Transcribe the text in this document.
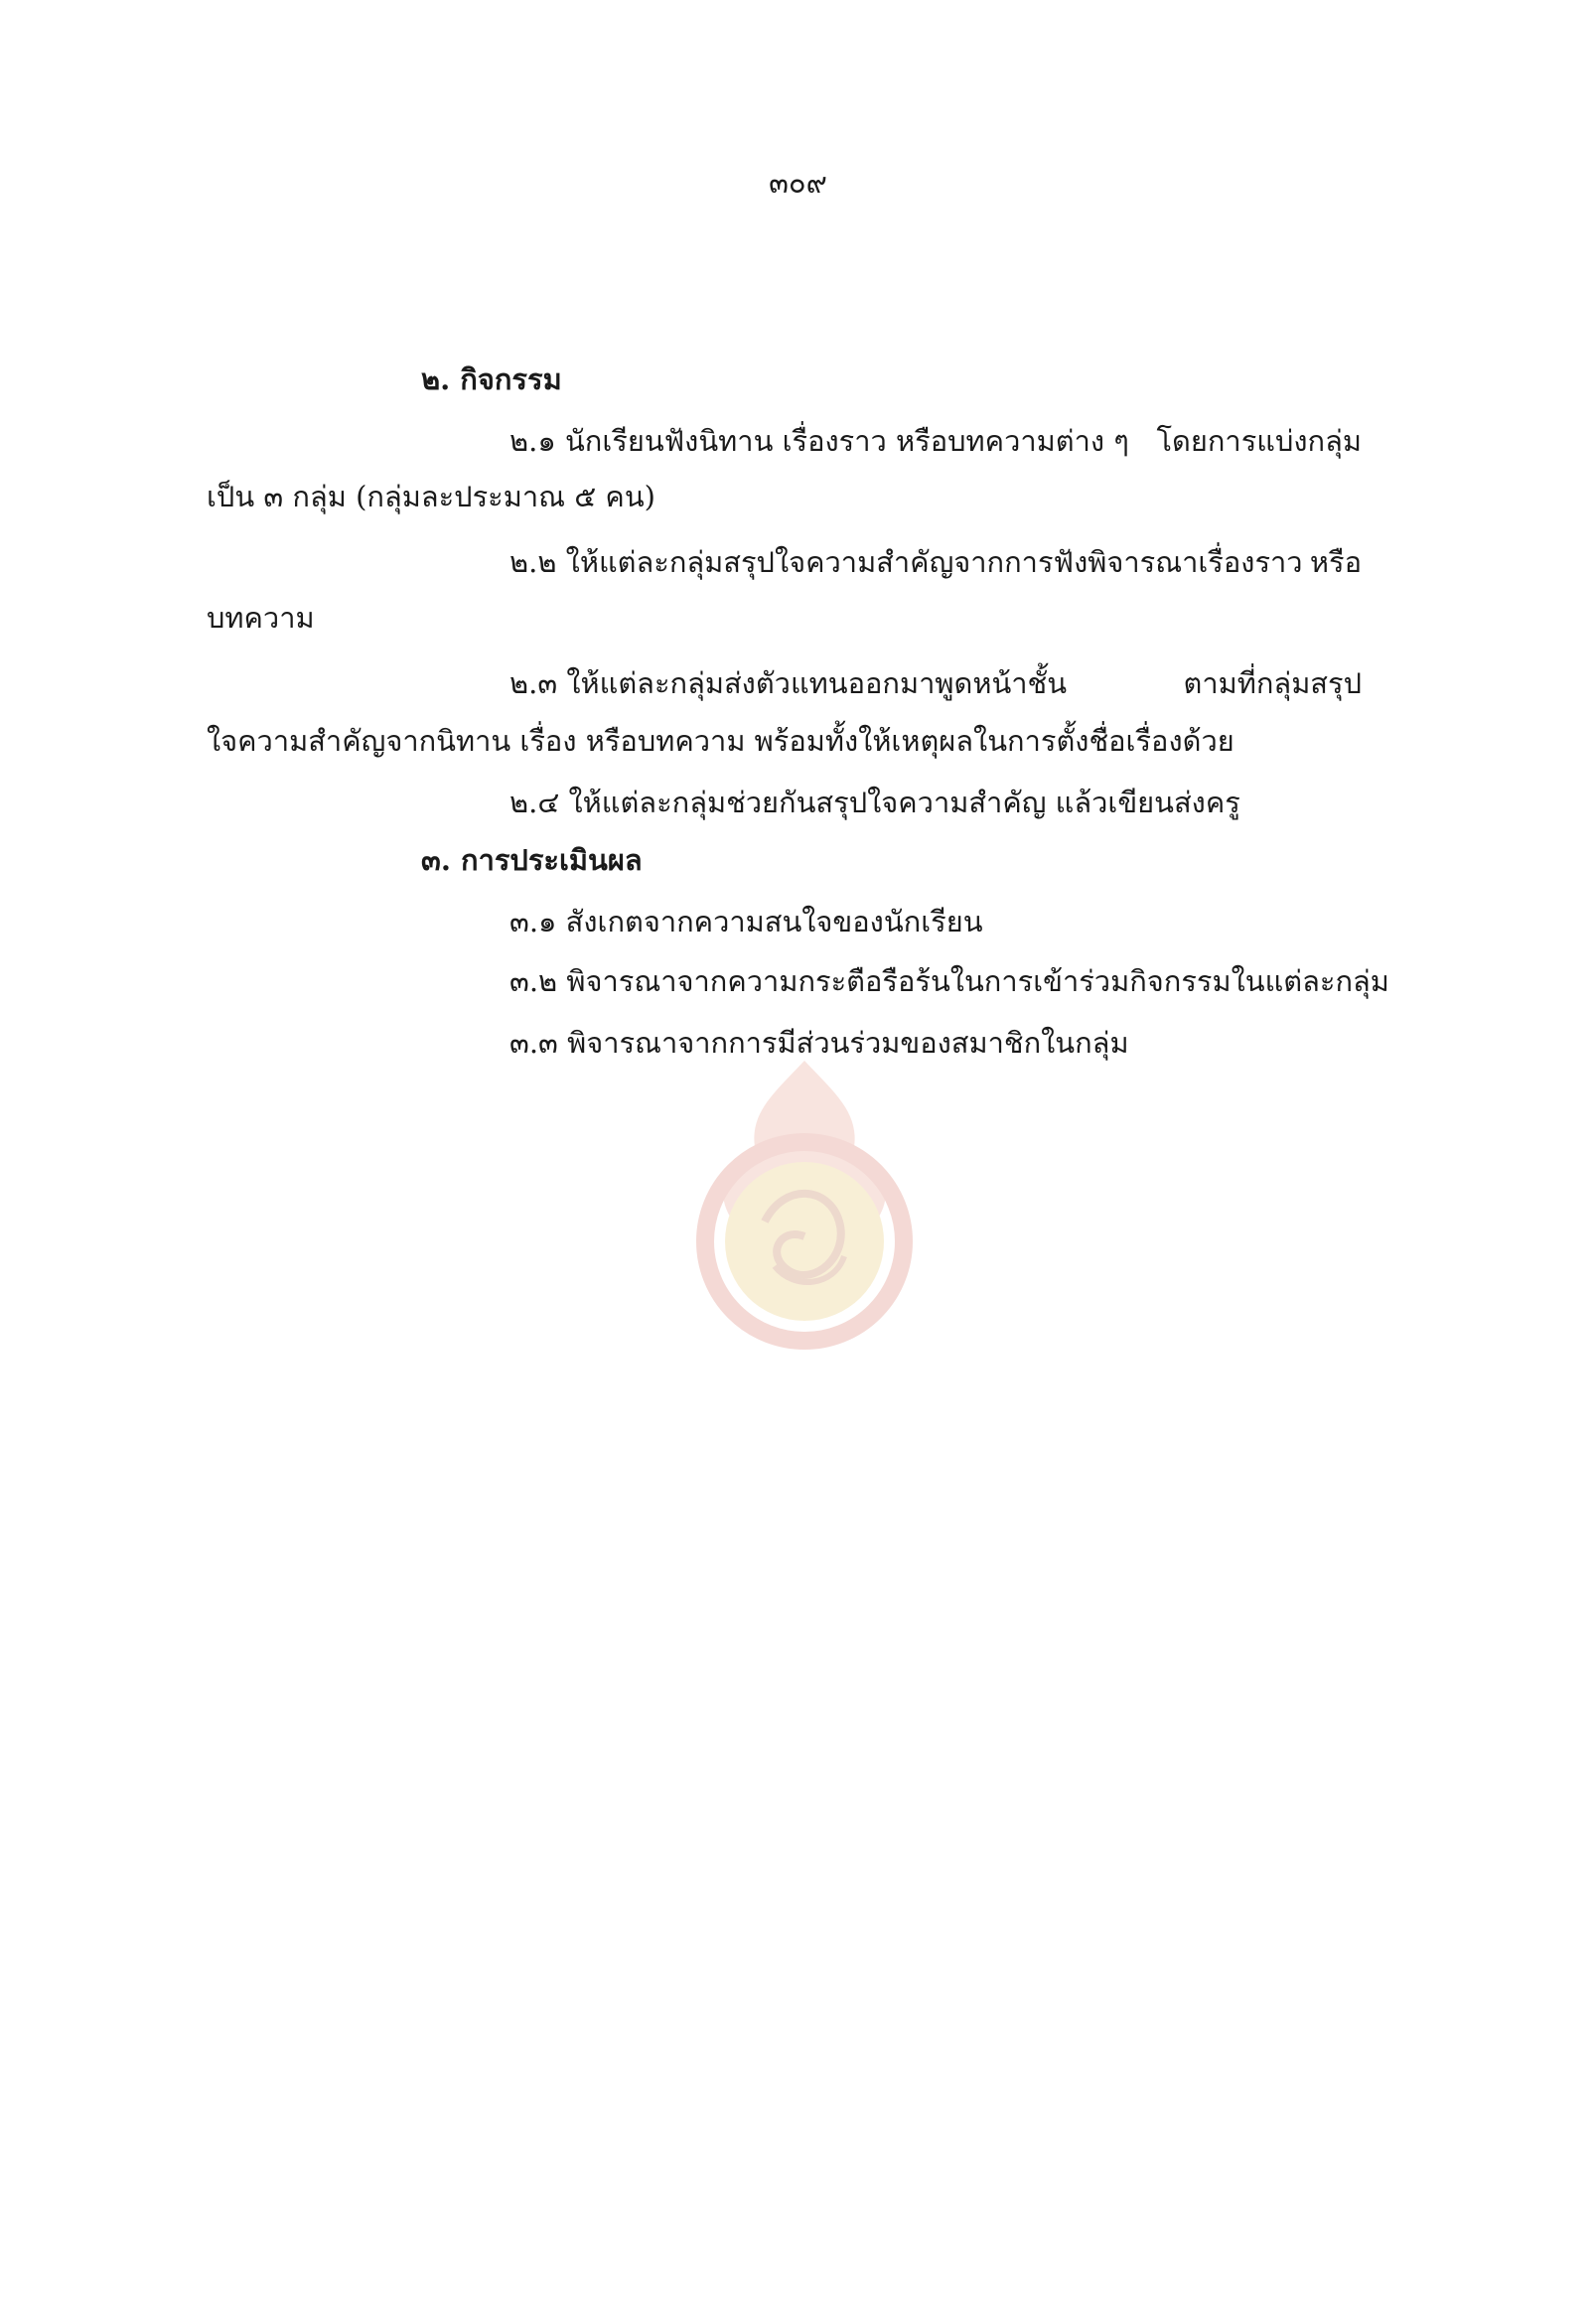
๓๐๙
๒. กิจกรรม
๒.๑ นักเรียนฟังนิทาน เรื่องราว หรือบทความต่าง ๆ โดยการแบ่งกลุ่ม
เป็น ๓ กลุ่ม (กลุ่มละประมาณ ๕ คน)
๒.๒ ให้แต่ละกลุ่มสรุปใจความสำคัญจากการฟังพิจารณาเรื่องราว หรือ
บทความ
๒.๓ ให้แต่ละกลุ่มส่งตัวแทนออกมาพูดหน้าชั้น	ตามที่กลุ่มสรุป
ใจความสำคัญจากนิทาน เรื่อง หรือบทความ พร้อมทั้งให้เหตุผลในการตั้งชื่อเรื่องด้วย
๒.๔ ให้แต่ละกลุ่มช่วยกันสรุปใจความสำคัญ แล้วเขียนส่งครู
๓. การประเมินผล
๓.๑ สังเกตจากความสนใจของนักเรียน
๓.๒ พิจารณาจากความกระตือรือร้นในการเข้าร่วมกิจกรรมในแต่ละกลุ่ม
๓.๓ พิจารณาจากการมีส่วนร่วมของสมาชิกในกลุ่ม
